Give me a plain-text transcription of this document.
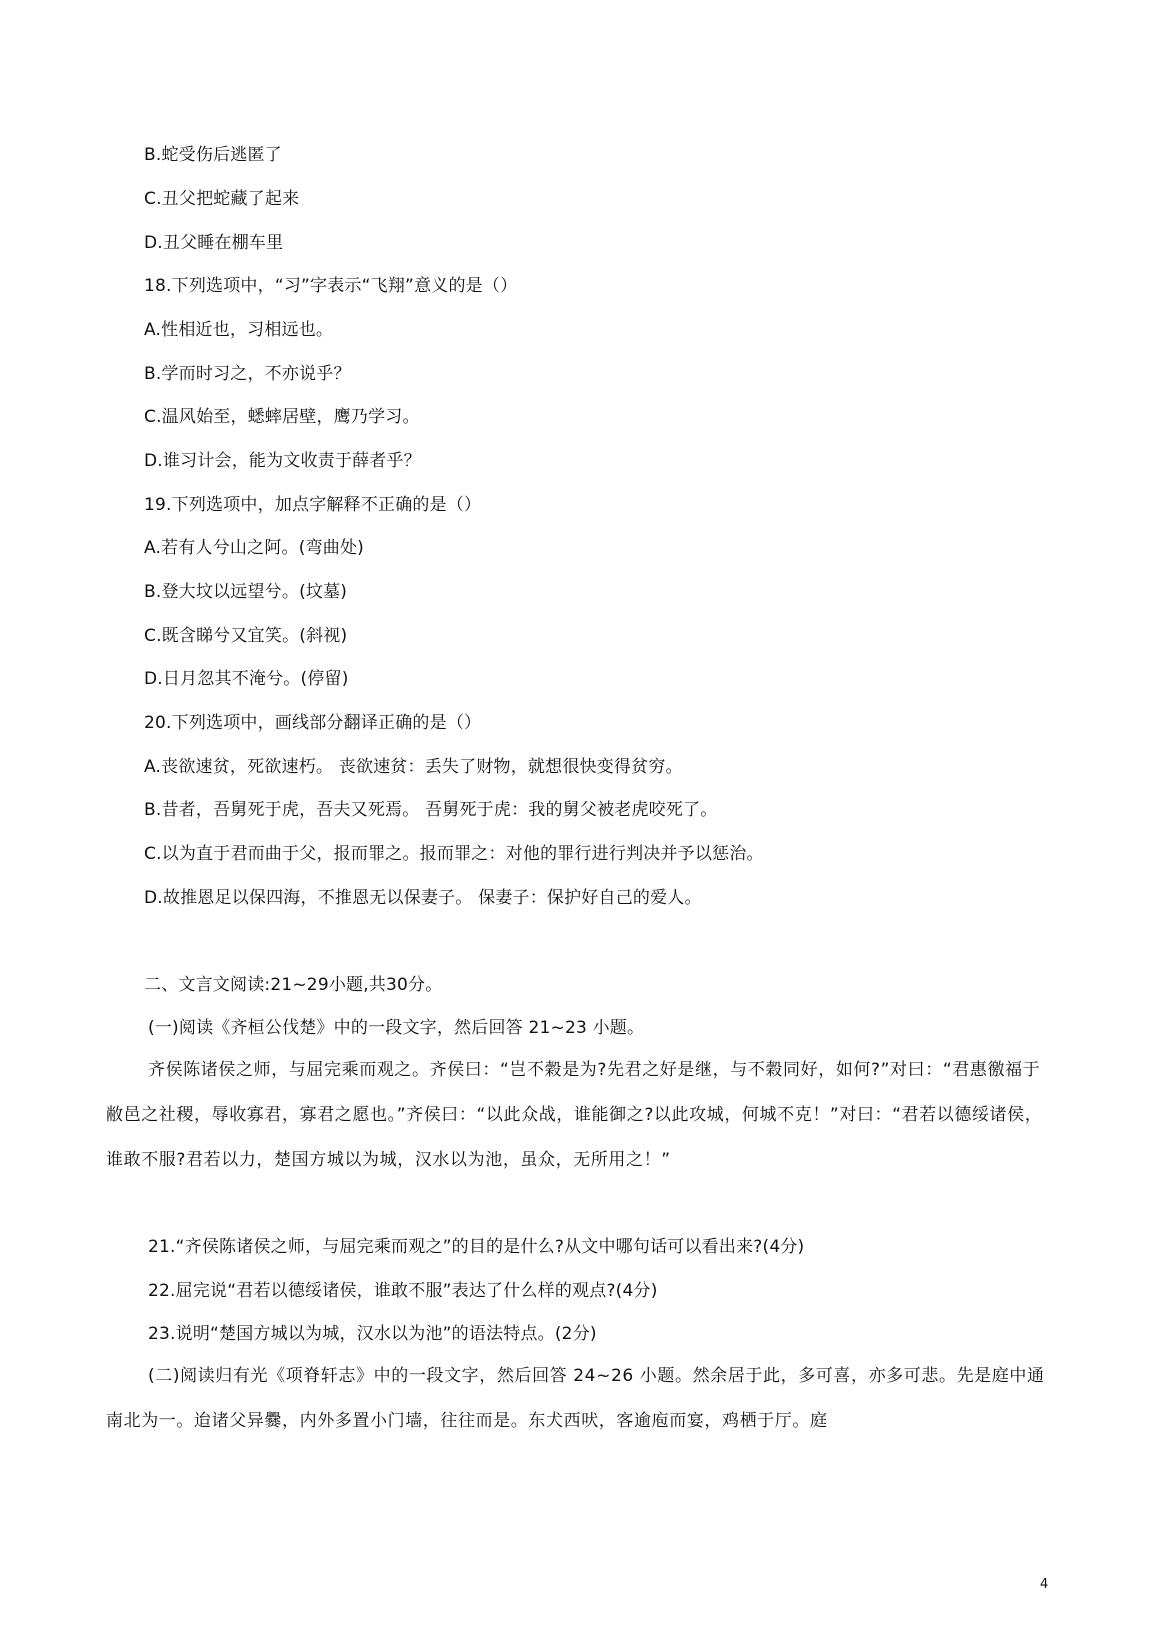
B.蛇受伤后逃匿了
C.丑父把蛇藏了起来
D.丑父睡在棚车里
18.下列选项中，“习”字表示“飞翔”意义的是（）
A.性相近也，习相远也。
B.学而时习之，不亦说乎？
C.温风始至，蟋蟀居壁，鹰乃学习。
D.谁习计会，能为文收责于薛者乎？
19.下列选项中，加点字解释不正确的是（）
A.若有人兮山之阿。(弯曲处)
B.登大坟以远望兮。(坟墓)
C.既含睇兮又宜笑。(斜视)
D.日月忽其不淹兮。(停留)
20.下列选项中，画线部分翻译正确的是（）
A.丧欲速贫，死欲速朽。 丧欲速贫：丢失了财物，就想很快变得贫穷。
B.昔者，吾舅死于虎，吾夫又死焉。 吾舅死于虎：我的舅父被老虎咬死了。
C.以为直于君而曲于父，报而罪之。报而罪之：对他的罪行进行判决并予以惩治。
D.故推恩足以保四海，不推恩无以保妻子。 保妻子：保护好自己的爱人。
二、文言文阅读:21~29小题,共30分。
(一)阅读《齐桓公伐楚》中的一段文字，然后回答 21~23 小题。
齐侯陈诸侯之师，与屈完乘而观之。齐侯曰：“岂不穀是为?先君之好是继，与不穀同好，如何?”对曰：“君惠徼福于敝邑之社稷，辱收寡君，寡君之愿也。”齐侯曰：“以此众战，谁能御之?以此攻城，何城不克！”对曰：“君若以德绥诸侯，谁敢不服?君若以力，楚国方城以为城，汉水以为池，虽众，无所用之！”
21.“齐侯陈诸侯之师，与屈完乘而观之”的目的是什么?从文中哪句话可以看出来?(4分)
22.屈完说“君若以德绥诸侯，谁敢不服”表达了什么样的观点?(4分)
23.说明“楚国方城以为城，汉水以为池”的语法特点。(2分)
(二)阅读归有光《项脊轩志》中的一段文字，然后回答 24~26 小题。然余居于此，多可喜，亦多可悲。先是庭中通南北为一。迨诸父异爨，内外多置小门墙，往往而是。东犬西吠，客逾庖而宴，鸡栖于厅。庭
4
